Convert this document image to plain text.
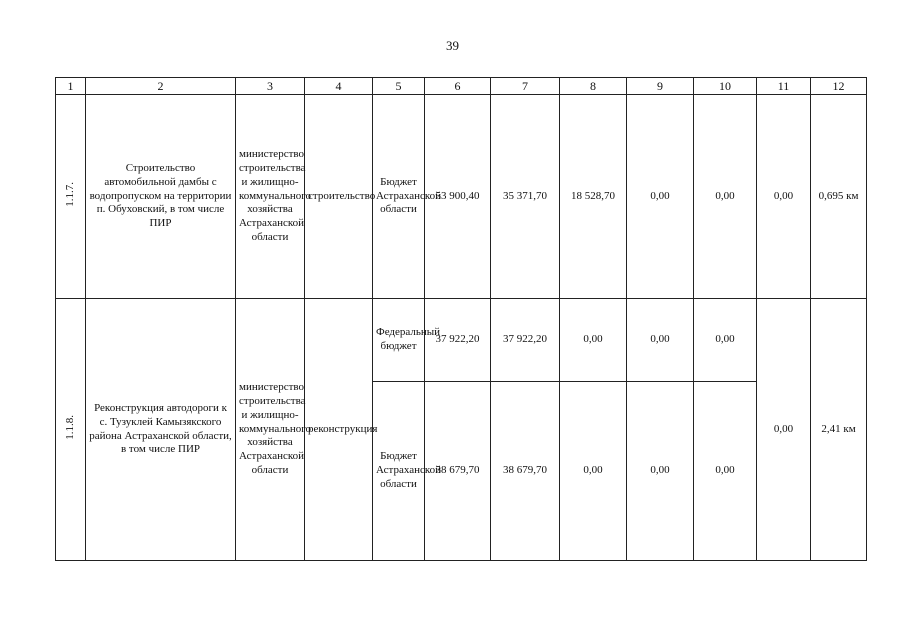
39
1	2	3	4	5	6	7	8	9	10	11	12
1.1.7.	Строительство автомобильной дамбы с водопропуском на территории п. Обуховский, в том числе ПИР	министерство строительства и жилищно-коммунального хозяйства Астраханской области	строительство	Бюджет Астраханской области	53 900,40	35 371,70	18 528,70	0,00	0,00	0,00	0,695 км
1.1.8.	Реконструкция автодороги к с. Тузуклей Камызякского района Астраханской области, в том числе ПИР	министерство строительства и жилищно-коммунального хозяйства Астраханской области	реконструкция	Федеральный бюджет	37 922,20	37 922,20	0,00	0,00	0,00	0,00	2,41 км
				Бюджет Астраханской области	38 679,70	38 679,70	0,00	0,00	0,00		
